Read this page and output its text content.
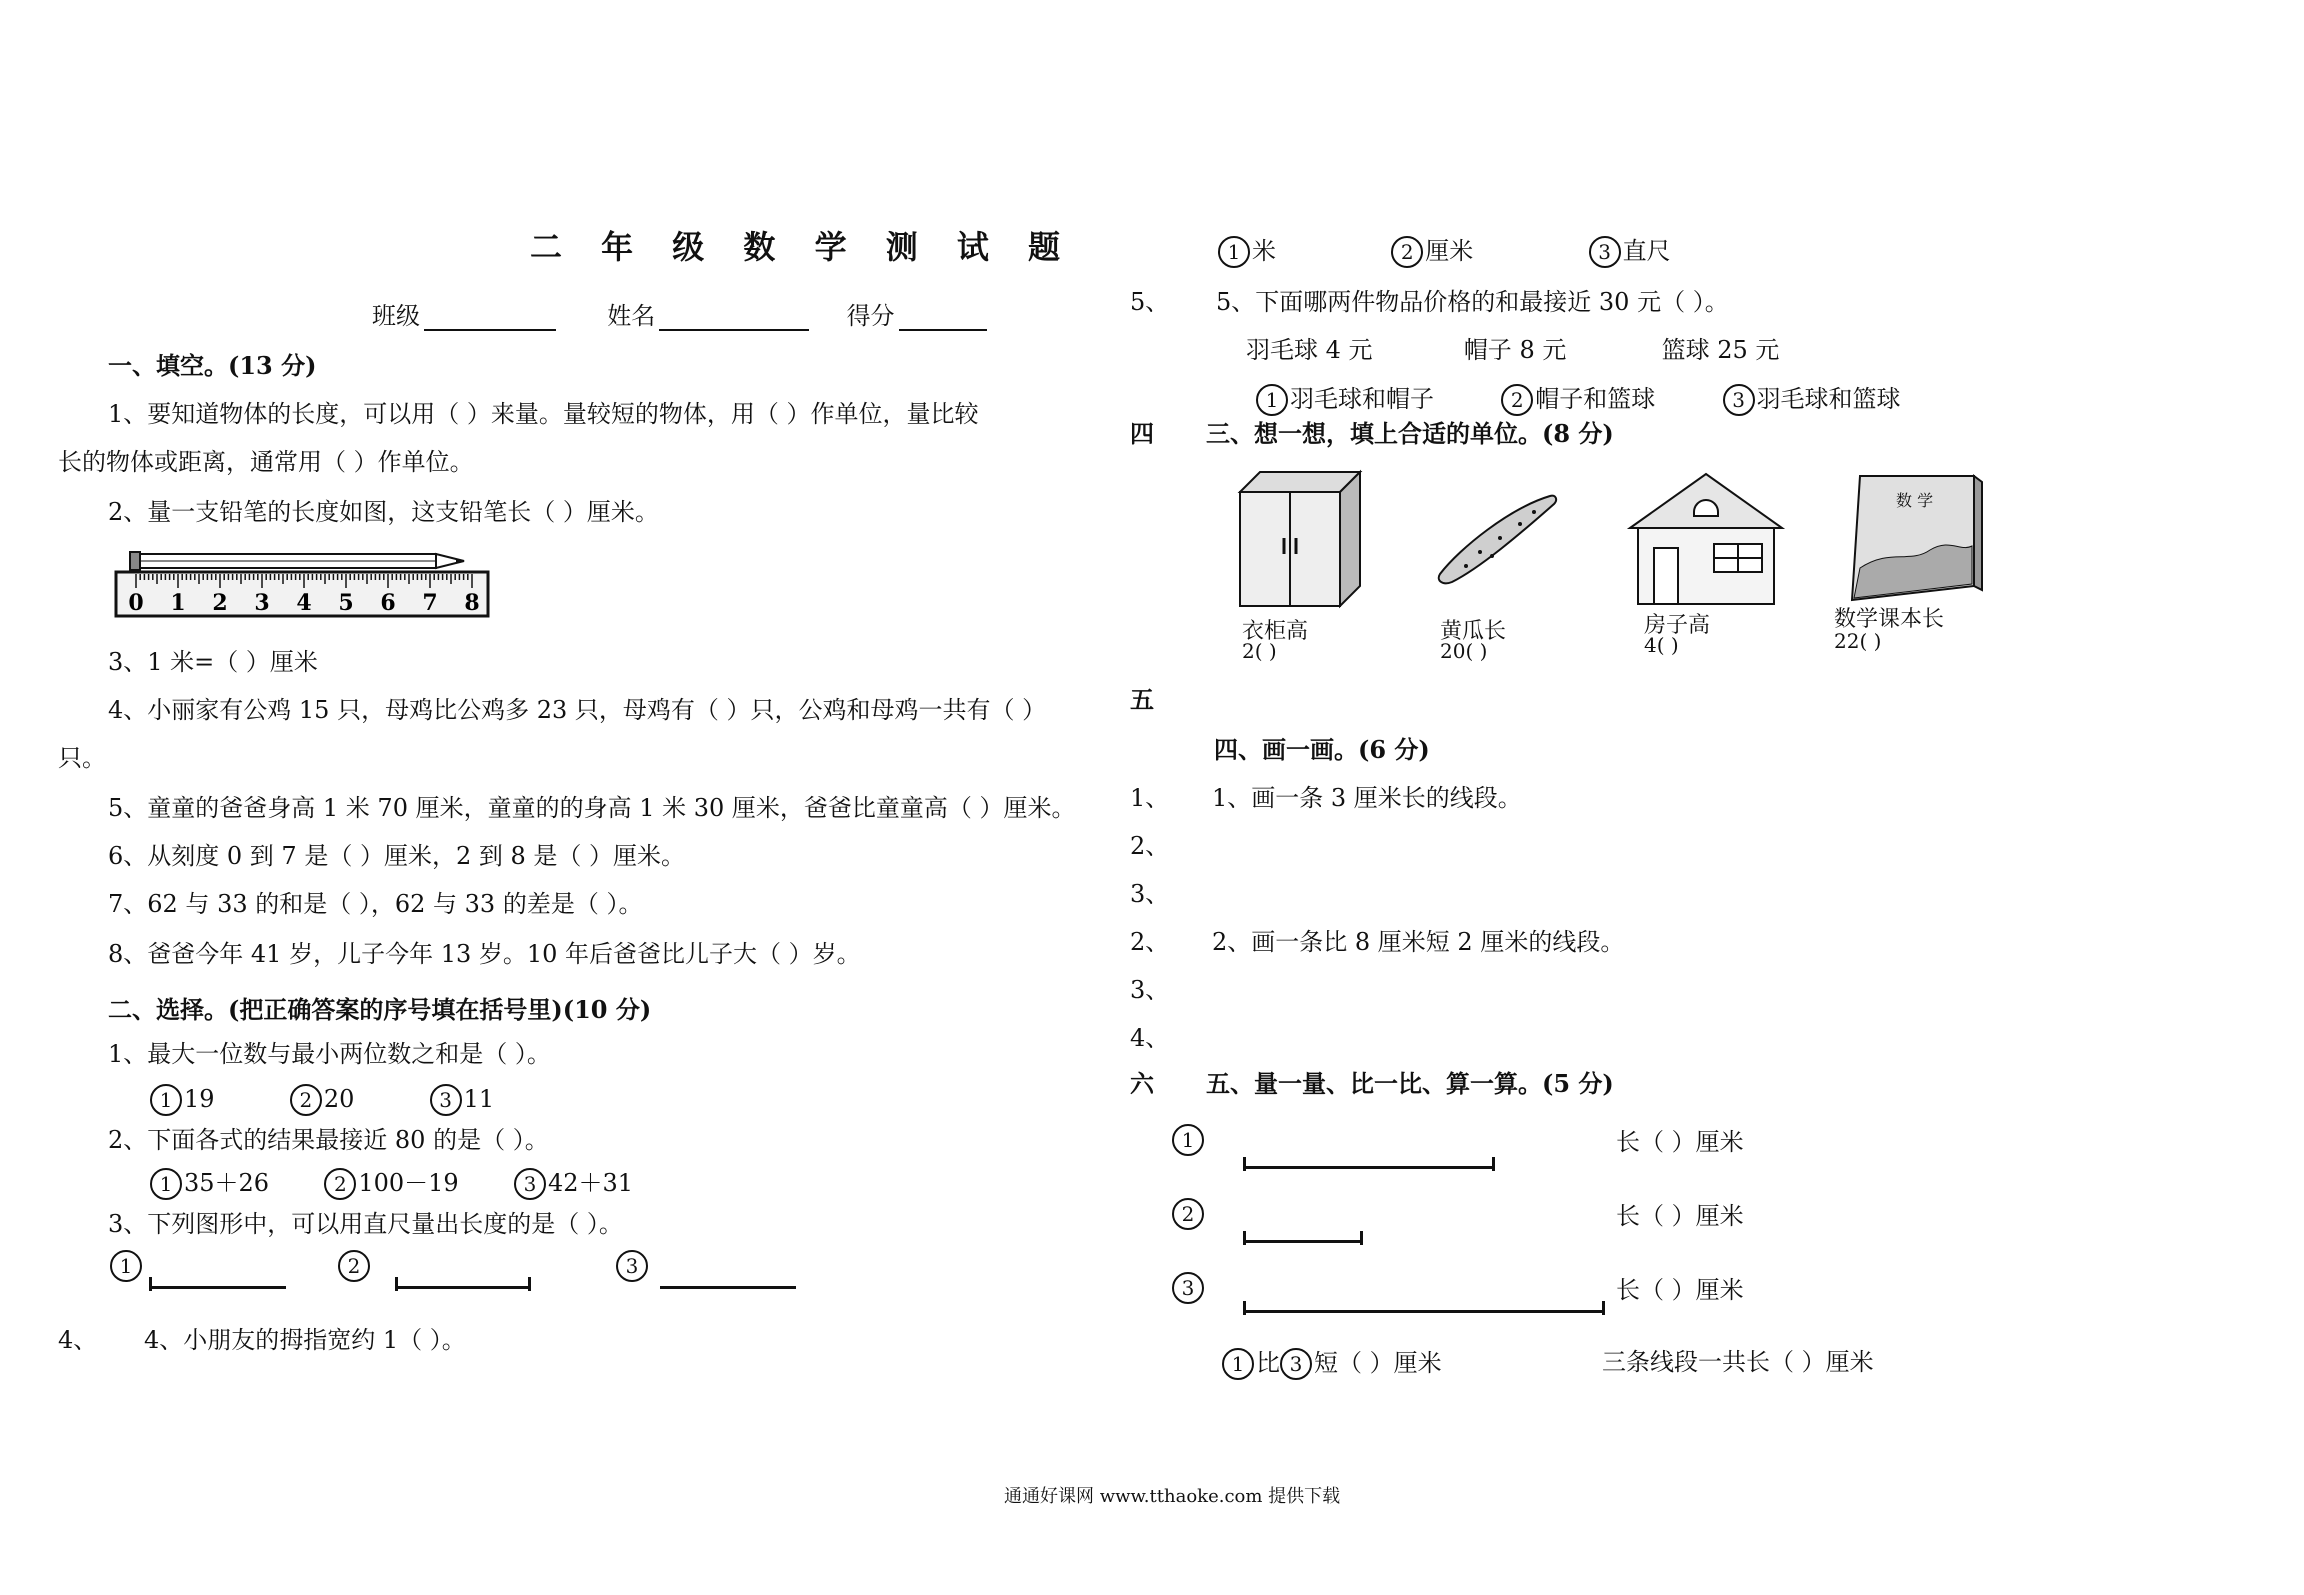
二 年 级 数 学 测 试 题
班级	姓名	得分
一、填空。(13 分)
1、要知道物体的长度，可以用（ ）来量。量较短的物体，用（ ）作单位，量比较
长的物体或距离，通常用（ ）作单位。
2、量一支铅笔的长度如图，这支铅笔长（ ）厘米。
0 1 2 3 4 5 6 7 8
3、1 米=（ ）厘米
4、小丽家有公鸡 15 只，母鸡比公鸡多 23 只，母鸡有（ ）只，公鸡和母鸡一共有（ ）
只。
5、童童的爸爸身高 1 米 70 厘米，童童的的身高 1 米 30 厘米，爸爸比童童高（ ）厘米。
6、从刻度 0 到 7 是（ ）厘米，2 到 8 是（ ）厘米。
7、62 与 33 的和是（ ），62 与 33 的差是（ ）。
8、爸爸今年 41 岁，儿子今年 13 岁。10 年后爸爸比儿子大（ ）岁。
二、选择。(把正确答案的序号填在括号里)(10 分)
1、最大一位数与最小两位数之和是（ ）。
1 19	2 20	3 11
2、下面各式的结果最接近 80 的是（ ）。
1 35＋26	2 100－19	3 42＋31
3、下列图形中，可以用直尺量出长度的是（ ）。
1	2	3
4、 4、小朋友的拇指宽约 1（ ）。
1 米	2 厘米	3 直尺
5、 5、下面哪两件物品价格的和最接近 30 元（ ）。
羽毛球 4 元	帽子 8 元	篮球 25 元
1 羽毛球和帽子	2 帽子和篮球	3 羽毛球和篮球
四 三、想一想，填上合适的单位。(8 分)
数 学
衣柜高
2( )
黄瓜长
20( )
房子高
4( )
数学课本长
22( )
五
四、画一画。(6 分)
1、 1、画一条 3 厘米长的线段。
2、
3、
2、 2、画一条比 8 厘米短 2 厘米的线段。
3、
4、
六 五、量一量、比一比、算一算。(5 分)
1	长（ ）厘米
2	长（ ）厘米
3	长（ ）厘米
1 比 3 短（ ）厘米	三条线段一共长（ ）厘米
通通好课网 www.tthaoke.com 提供下载
